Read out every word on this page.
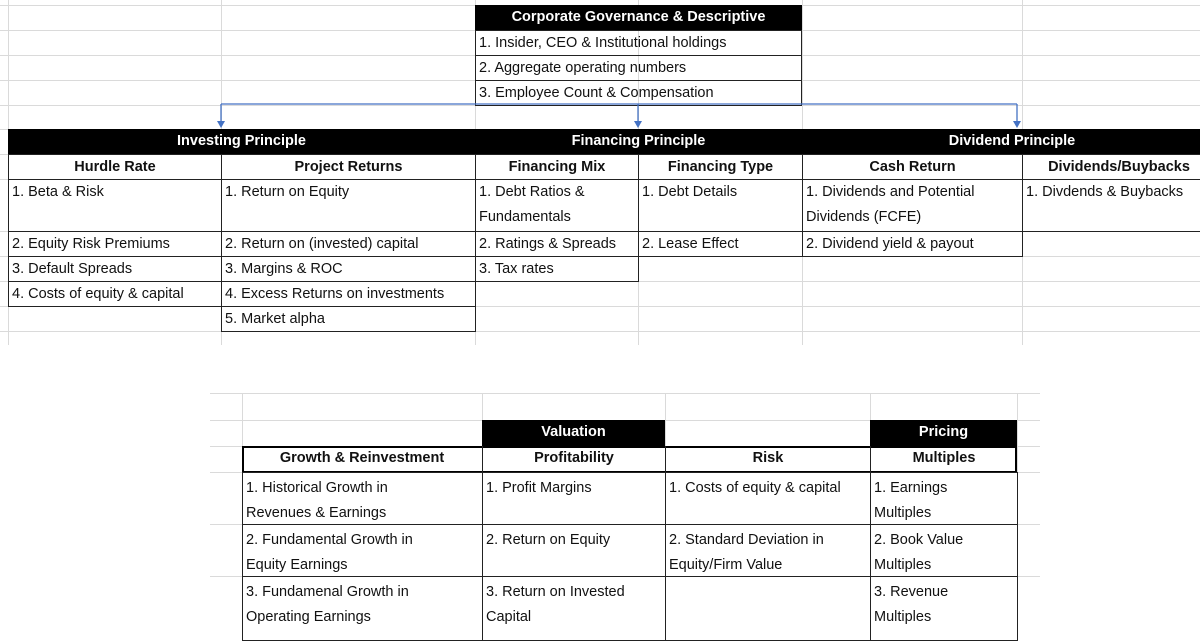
Corporate Governance & Descriptive
1. Insider, CEO & Institutional holdings
2. Aggregate operating numbers
3. Employee Count & Compensation
Investing Principle
Hurdle Rate
1. Beta & Risk
2. Equity Risk Premiums
3. Default Spreads
4. Costs of equity & capital
Project Returns
1. Return on Equity
2. Return on (invested) capital
3. Margins & ROC
4. Excess Returns on investments
5. Market alpha
Financing Principle
Financing Mix
1. Debt Ratios &
Fundamentals
2. Ratings & Spreads
3. Tax rates
Financing Type
1. Debt Details
2. Lease Effect
Dividend Principle
Cash Return
1. Dividends and Potential
Dividends (FCFE)
2. Dividend yield & payout
Dividends/Buybacks
1. Divdends & Buybacks
Valuation	Pricing
Growth & Reinvestment
1. Historical Growth in
Revenues & Earnings
2. Fundamental Growth in
Equity Earnings
3. Fundamenal Growth in
Operating Earnings
Profitability
1. Profit Margins
2. Return on Equity
3. Return on Invested
Capital
Risk
1. Costs of equity & capital
2. Standard Deviation in
Equity/Firm Value
Multiples
1. Earnings
Multiples
2. Book Value
Multiples
3. Revenue
Multiples
